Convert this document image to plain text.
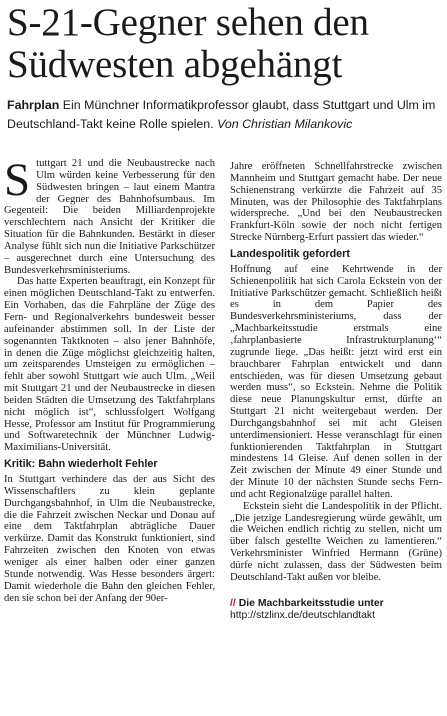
S-21-Gegner sehen den Südwesten abgehängt

Fahrplan Ein Münchner Informatikprofessor glaubt, dass Stuttgart und Ulm im Deutschland-Takt keine Rolle spielen. Von Christian Milankovic

Stuttgart 21 und die Neubaustrecke nach Ulm würden keine Verbesserung für den Südwesten bringen – laut einem Mantra der Gegner des Bahnhofsumbaus. Im Gegenteil: Die beiden Milliardenprojekte verschlechtern nach Ansicht der Kritiker die Situation für die Bahnkunden. Bestärkt in dieser Analyse fühlt sich nun die Initiative Parkschützer – ausgerechnet durch eine Untersuchung des Bundesverkehrsministeriums.

Das hatte Experten beauftragt, ein Konzept für einen möglichen Deutschland-Takt zu entwerfen. Ein Vorhaben, das die Fahrpläne der Züge des Fern- und Regionalverkehrs bundesweit besser aufeinander abstimmen soll. In der Liste der sogenannten Taktknoten – also jener Bahnhöfe, in denen die Züge möglichst gleichzeitig halten, um zeitsparendes Umsteigen zu ermöglichen – fehlt aber sowohl Stuttgart wie auch Ulm. „Weil mit Stuttgart 21 und der Neubaustrecke in diesen beiden Städten die Umsetzung des Taktfahrplans nicht möglich ist“, schlussfolgert Wolfgang Hesse, Professor am Institut für Programmierung und Softwaretechnik der Münchner Ludwig-Maximilians-Universität.

Kritik: Bahn wiederholt Fehler

In Stuttgart verhindere das der aus Sicht des Wissenschaftlers zu klein geplante Durchgangsbahnhof, in Ulm die Neubaustrecke, die die Fahrzeit zwischen Neckar und Donau auf eine dem Taktfahrplan abträgliche Dauer verkürze. Damit das Konstrukt funktioniert, sind Fahrzeiten zwischen den Knoten von etwas weniger als einer halben oder einer ganzen Stunde notwendig. Was Hesse besonders ärgert: Damit wiederhole die Bahn den gleichen Fehler, den sie schon bei der Anfang der 90er-

Jahre eröffneten Schnellfahrstrecke zwischen Mannheim und Stuttgart gemacht habe. Der neue Schienenstrang verkürzte die Fahrzeit auf 35 Minuten, was der Philosophie des Taktfahrplans widerspreche. „Und bei den Neubaustrecken Frankfurt-Köln sowie der noch nicht fertigen Strecke Nürnberg-Erfurt passiert das wieder.“

Landespolitik gefordert

Hoffnung auf eine Kehrtwende in der Schienenpolitik hat sich Carola Eckstein von der Initiative Parkschützer gemacht. Schließlich heißt es in dem Papier des Bundesverkehrsministeriums, dass der „Machbarkeitsstudie erstmals eine ‚fahrplanbasierte Infrastrukturplanung‘“ zugrunde liege. „Das heißt: jetzt wird erst ein brauchbarer Fahrplan entwickelt und dann entschieden, was für diesen Umsetzung gebaut werden muss“, so Eckstein. Nehme die Politik diese neue Planungskultur ernst, dürfte an Stuttgart 21 nicht weitergebaut werden. Der Durchgangsbahnhof sei mit acht Gleisen unterdimensioniert. Hesse veranschlagt für einen funktionierenden Taktfahrplan in Stuttgart mindestens 14 Gleise. Auf denen sollen in der Zeit zwischen der Minute 49 einer Stunde und der Minute 10 der nächsten Stunde sechs Fern- und acht Regionalzüge parallel halten.

Eckstein sieht die Landespolitik in der Pflicht. „Die jetzige Landesregierung würde gewählt, um die Weichen endlich richtig zu stellen, nicht um über falsch gestellte Weichen zu lamentieren.“ Verkehrsminister Winfried Hermann (Grüne) dürfe nicht zulassen, dass der Südwesten beim Deutschland-Takt außen vor bleibe.

// Die Machbarkeitsstudie unter
http://stzlinx.de/deutschlandtakt
